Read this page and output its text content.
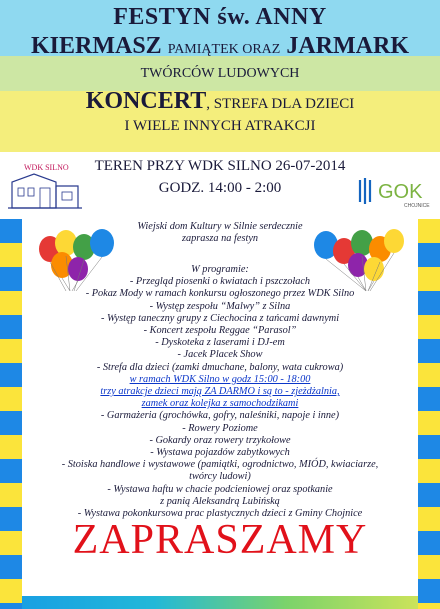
FESTYN św. ANNY
KIERMASZ PAMIĄTEK ORAZ JARMARK
TWÓRCÓW LUDOWYCH
KONCERT, STREFA DLA DZIECI
I WIELE INNYCH ATRAKCJI
TEREN PRZY WDK SILNO 26-07-2014
GODZ. 14:00 - 2:00
WDK SILNO
GOK
CHOJNICE
Wiejski dom Kultury w Silnie serdecznie
zaprasza na festyn
W programie:
- Przegląd piosenki o kwiatach i pszczołach
- Pokaz Mody w ramach konkursu ogłoszonego przez WDK Silno
- Występ zespołu “Malwy” z Silna
- Występ taneczny grupy z Ciechocina z tańcami dawnymi
- Koncert zespołu Reggae “Parasol”
- Dyskoteka z laserami i DJ-em
- Jacek Placek Show
- Strefa dla dzieci (zamki dmuchane, balony, wata cukrowa)
w ramach WDK Silno w godz 15:00 - 18:00
trzy atrakcje dzieci mają ZA DARMO i są to - zjeżdżalnia,
zamek oraz kolejka z samochodzikami
- Garmażeria (grochówka, gofry, naleśniki, napoje i inne)
- Rowery Poziome
- Gokardy oraz rowery trzykołowe
- Wystawa pojazdów zabytkowych
- Stoiska handlowe i wystawowe (pamiątki, ogrodnictwo, MIÓD, kwiaciarze,
twórcy ludowi)
- Wystawa haftu w chacie podcieniowej oraz spotkanie
z panią Aleksandrą Lubińską
- Wystawa pokonkursowa prac plastycznych dzieci z Gminy Chojnice
ZAPRASZAMY
